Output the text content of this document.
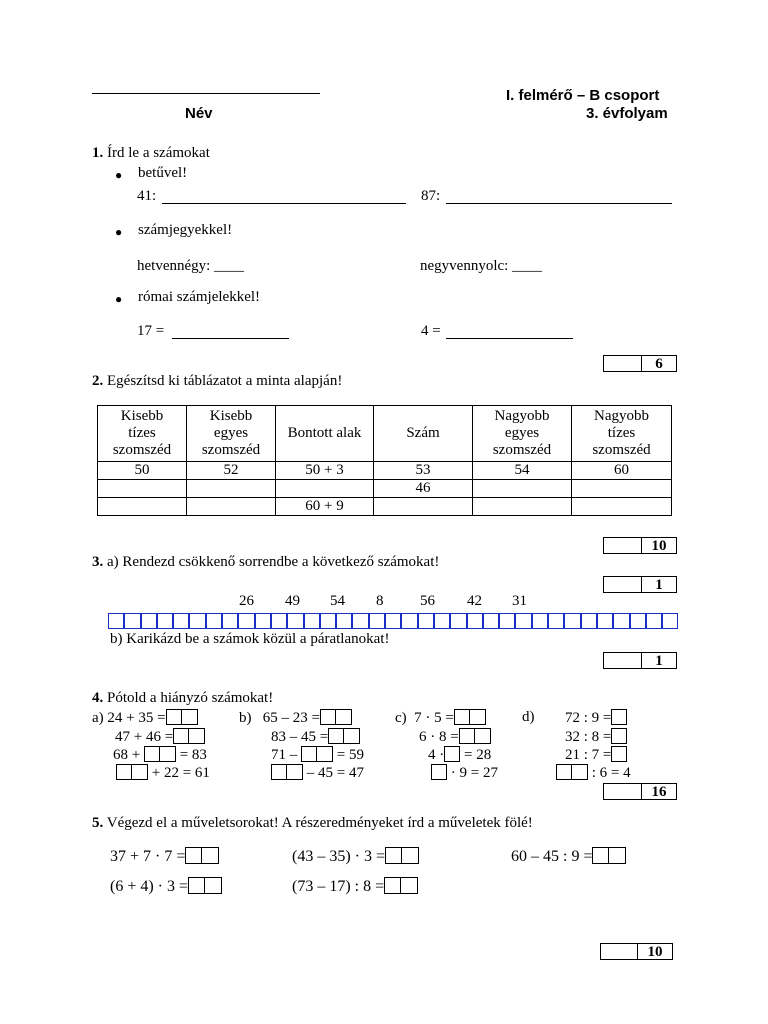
Név
I. felmérő – B csoport
3. évfolyam
1. Írd le a számokat
● betűvel!
41:	87:
● számjegyekkel!
hetvennégy: ____	negyvennyolc: ____
● római számjelekkel!
17 =	4 =
6
2. Egészítsd ki táblázatot a minta alapján!
Kisebb
tízes
szomszéd	Kisebb
egyes
szomszéd	Bontott alak	Szám	Nagyobb
egyes
szomszéd	Nagyobb
tízes
szomszéd
50	52	50 + 3	53	54	60
			46		
		60 + 9			
10
3. a) Rendezd csökkenő sorrendbe a következő számokat!
1
26 49 54 8 56 42 31
b) Karikázd be a számok közül a páratlanokat!
1
4. Pótold a hiányzó számokat!
a) 24 + 35 =
47 + 46 =
68 +	= 83
+ 22 = 61
b) 65 – 23 =
83 – 45 =
71 –	= 59
– 45 = 47
c) 7 · 5 =
6 · 8 =
4 · = 28
· 9 = 27
d) 72 : 9 =
32 : 8 =
21 : 7 =
: 6 = 4
16
5. Végezd el a műveletsorokat! A részeredményeket írd a műveletek fölé!
37 + 7 · 7 =	(43 – 35) · 3 =	60 – 45 : 9 =
(6 + 4) · 3 =	(73 – 17) : 8 =
10
